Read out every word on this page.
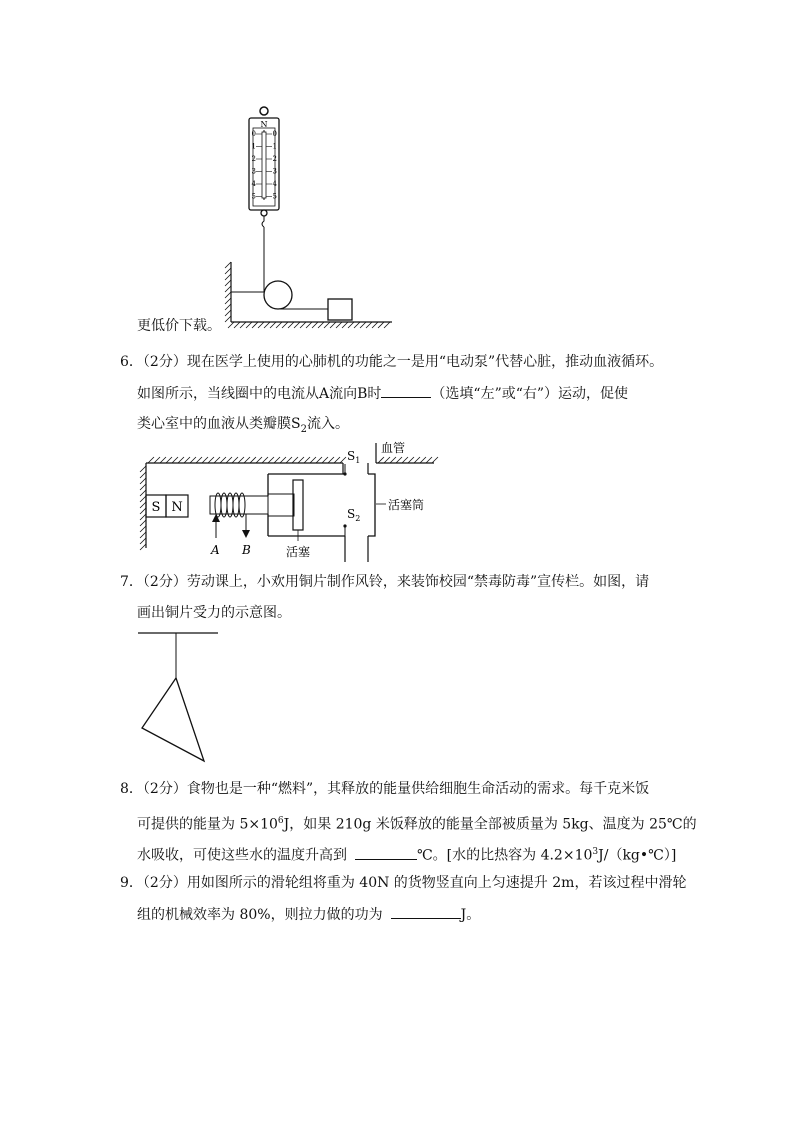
N
0
1
2
3
4
5
0
1
2
3
4
5
更低价下载。
6．（2分）现在医学上使用的心肺机的功能之一是用“电动泵”代替心脏，推动血液循环。
如图所示，当线圈中的电流从A流向B时	（选填“左”或“右”）运动，促使
类心室中的血液从类瓣膜$S_2$流入。
S N
A B	活塞
$S_1$
血管
$S_2$
活塞筒
7．（2分）劳动课上，小欢用铜片制作风铃，来装饰校园“禁毒防毒”宣传栏。如图，请
画出铜片受力的示意图。
8．（2分）食物也是一种“燃料”，其释放的能量供给细胞生命活动的需求。每千克米饭
可提供的能量为 $5\times 10^6J$，如果 210g 米饭释放的能量全部被质量为 5kg、温度为 25℃的
水吸收，可使这些水的温度升高到	℃。[水的比热容为 $4.2\times 10^3J/(kg•℃)$]
9．（2分）用如图所示的滑轮组将重为 40N 的货物竖直向上匀速提升 2m，若该过程中滑轮
组的机械效率为 80%，则拉力做的功为	J。
